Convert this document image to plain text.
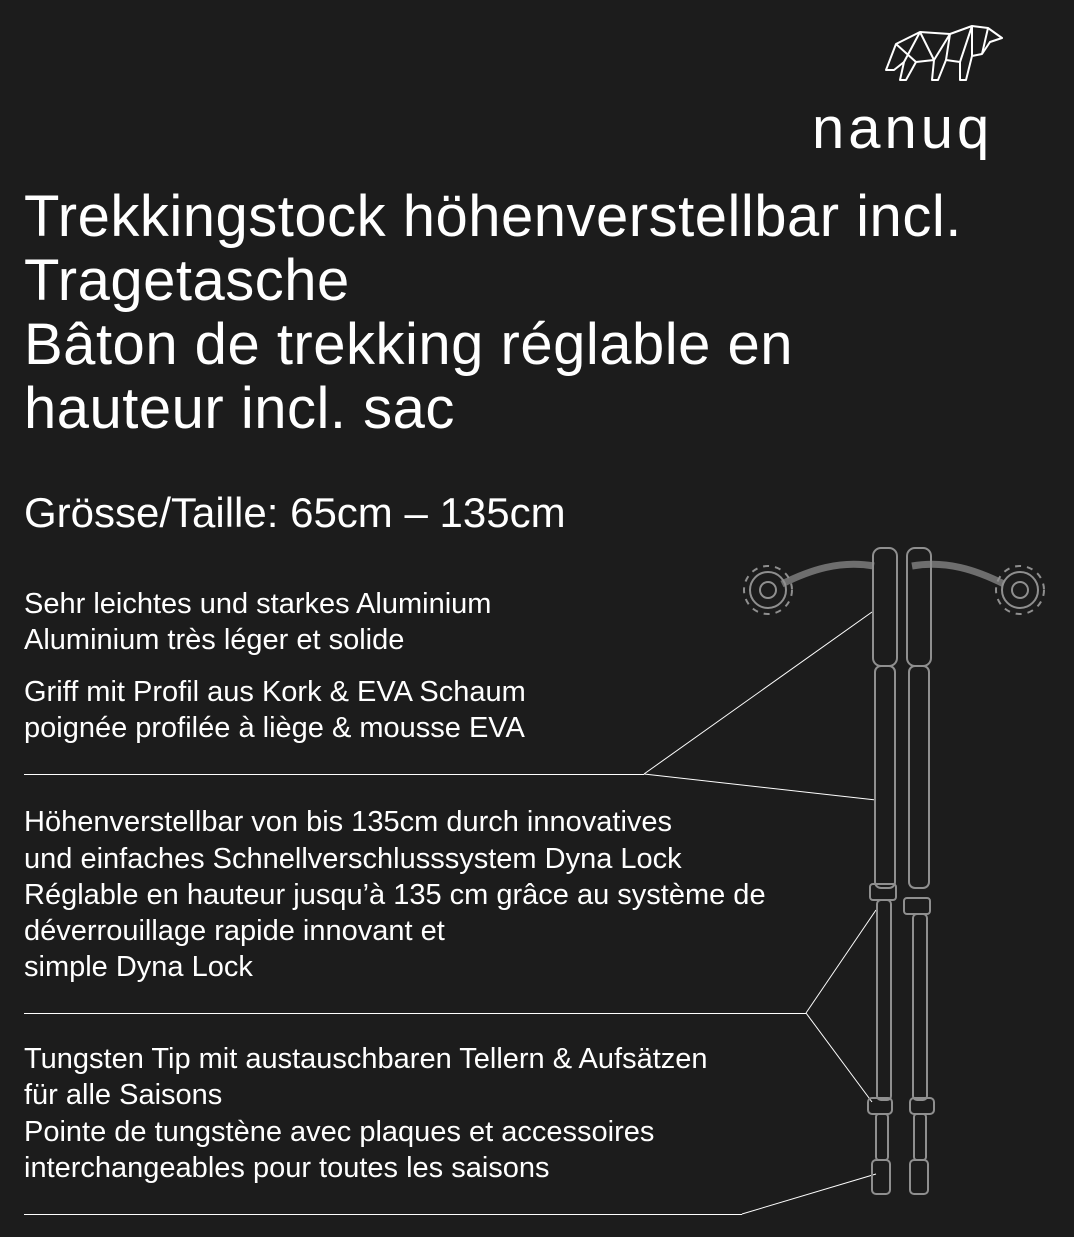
nanuq
Trekkingstock höhenverstellbar incl.
Tragetasche
Bâton de trekking réglable en
hauteur incl. sac
Grösse/Taille: 65cm – 135cm
Sehr leichtes und starkes Aluminium
Aluminium très léger et solide
Griff mit Profil aus Kork & EVA Schaum
poignée profilée à liège & mousse EVA
Höhenverstellbar von bis 135cm durch innovatives
und einfaches Schnellverschlusssystem Dyna Lock
Réglable en hauteur jusqu’à 135 cm grâce au système de
déverrouillage rapide innovant et
simple Dyna Lock
Tungsten Tip mit austauschbaren Tellern & Aufsätzen
für alle Saisons
Pointe de tungstène avec plaques et accessoires
interchangeables pour toutes les saisons
